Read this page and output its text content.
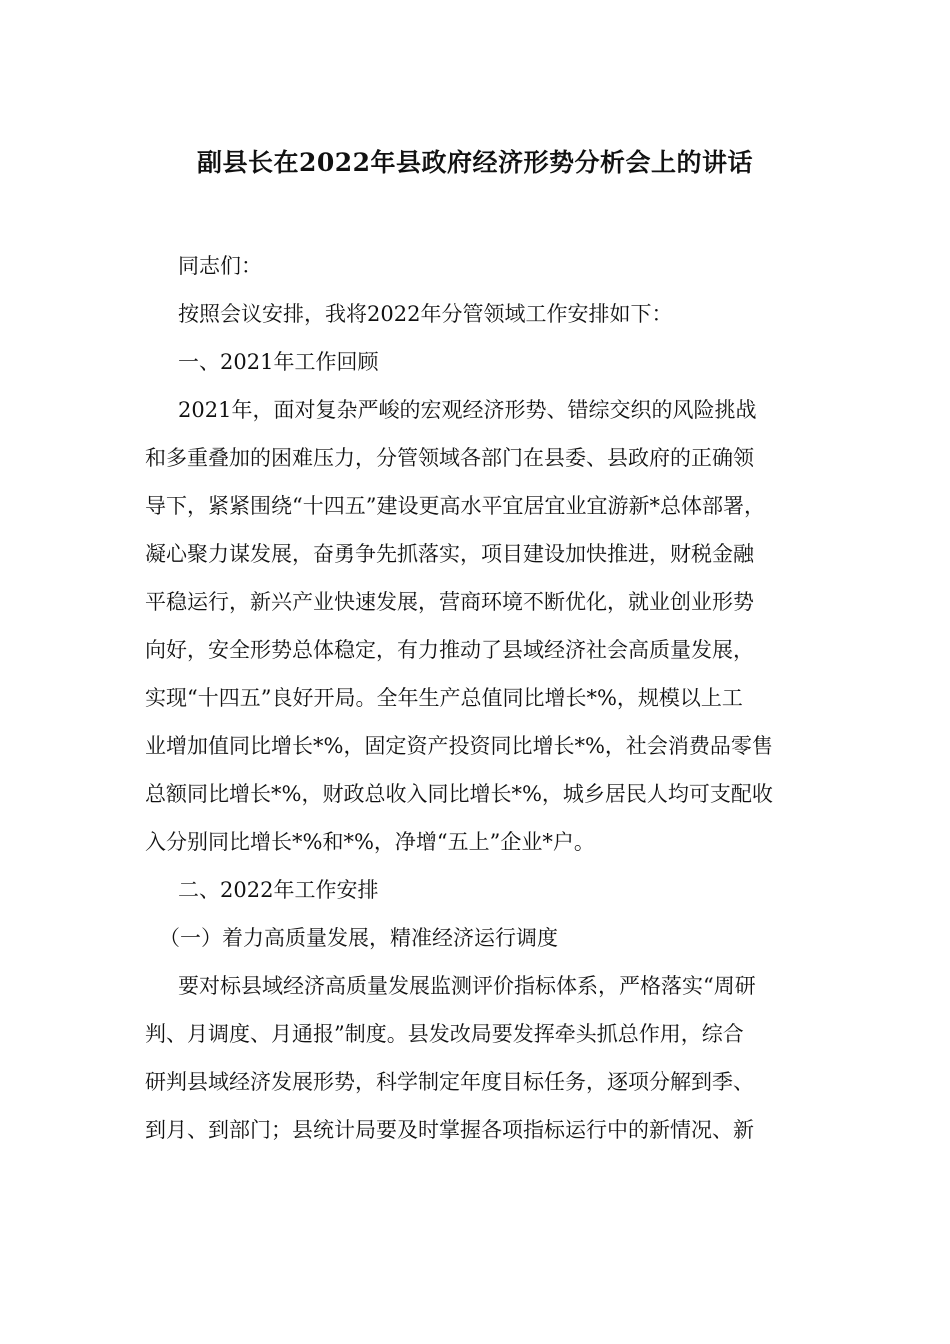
副县长在2022年县政府经济形势分析会上的讲话
同志们：
按照会议安排，我将2022年分管领域工作安排如下：
一、2021年工作回顾
2021年，面对复杂严峻的宏观经济形势、错综交织的风险挑战
和多重叠加的困难压力，分管领域各部门在县委、县政府的正确领
导下，紧紧围绕“十四五”建设更高水平宜居宜业宜游新*总体部署，
凝心聚力谋发展，奋勇争先抓落实，项目建设加快推进，财税金融
平稳运行，新兴产业快速发展，营商环境不断优化，就业创业形势
向好，安全形势总体稳定，有力推动了县域经济社会高质量发展，
实现“十四五”良好开局。全年生产总值同比增长*%，规模以上工
业增加值同比增长*%，固定资产投资同比增长*%，社会消费品零售
总额同比增长*%，财政总收入同比增长*%，城乡居民人均可支配收
入分别同比增长*%和*%，净增“五上”企业*户。
二、2022年工作安排
（一）着力高质量发展，精准经济运行调度
要对标县域经济高质量发展监测评价指标体系，严格落实“周研
判、月调度、月通报”制度。县发改局要发挥牵头抓总作用，综合
研判县域经济发展形势，科学制定年度目标任务，逐项分解到季、
到月、到部门；县统计局要及时掌握各项指标运行中的新情况、新
